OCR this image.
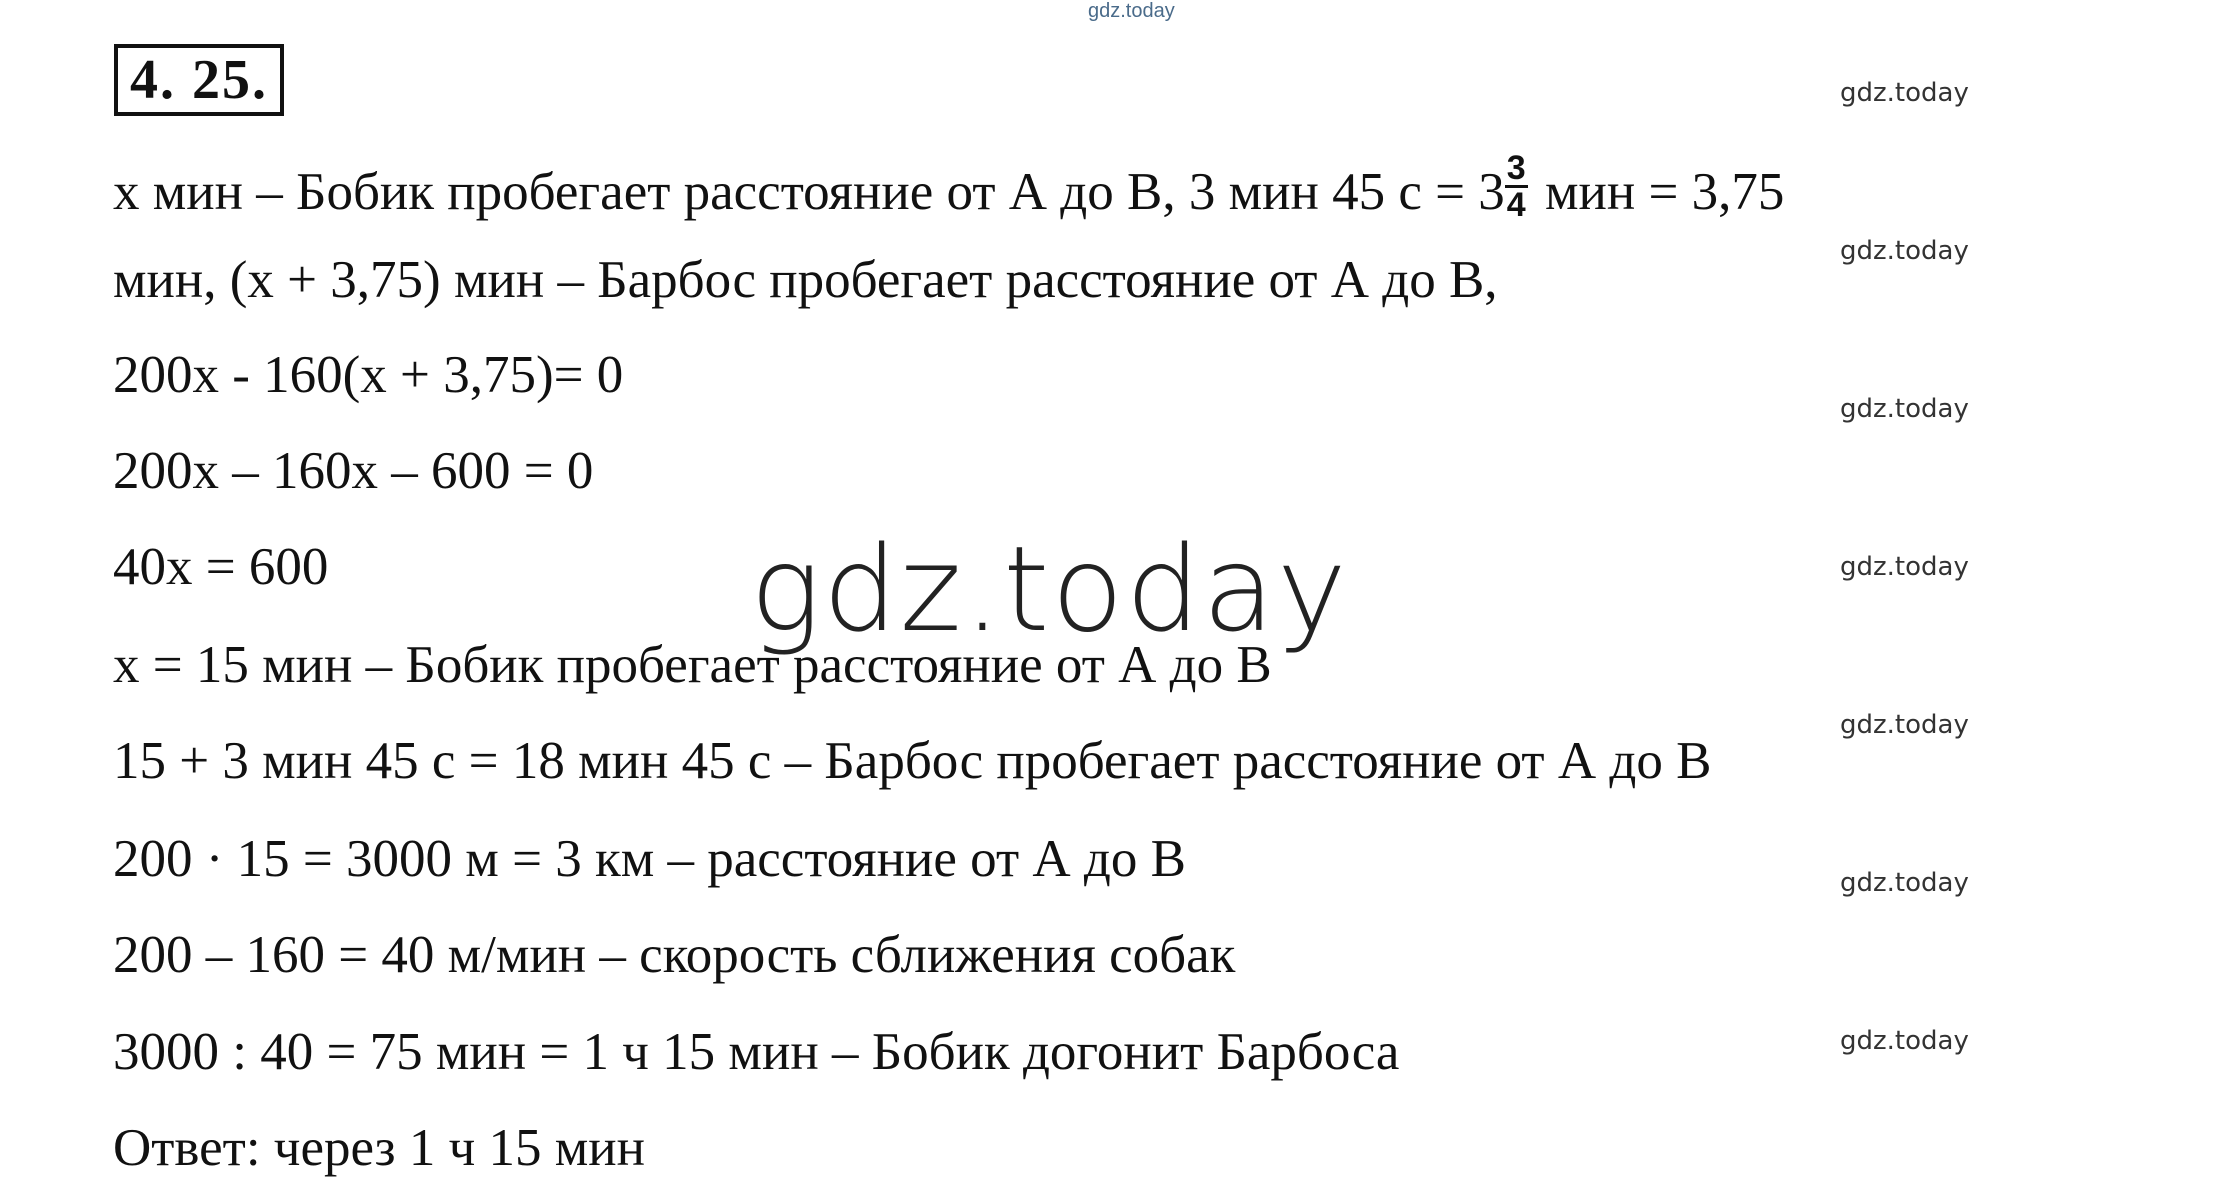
gdz.today
4. 25.
x мин – Бобик пробегает расстояние от А до В, 3 мин 45 $с = 3 \frac{3}{4}$ мин = 3,75
мин, (x + 3,75) мин – Барбос пробегает расстояние от А до В,
200x - 160(x + 3,75)= 0
200x – 160x – 600 = 0
40x = 600
x = 15 мин – Бобик пробегает расстояние от А до В
15 + 3 мин 45 с = 18 мин 45 с – Барбос пробегает расстояние от А до В
200 · 15 = 3000 м = 3 км – расстояние от А до В
200 – 160 = 40 м/мин – скорость сближения собак
3000 : 40 = 75 мин = 1 ч 15 мин – Бобик догонит Барбоса
Ответ: через 1 ч 15 мин
gdz.today
gdz.today
gdz.today
gdz.today
gdz.today
gdz.today
gdz.today
gdz.today
